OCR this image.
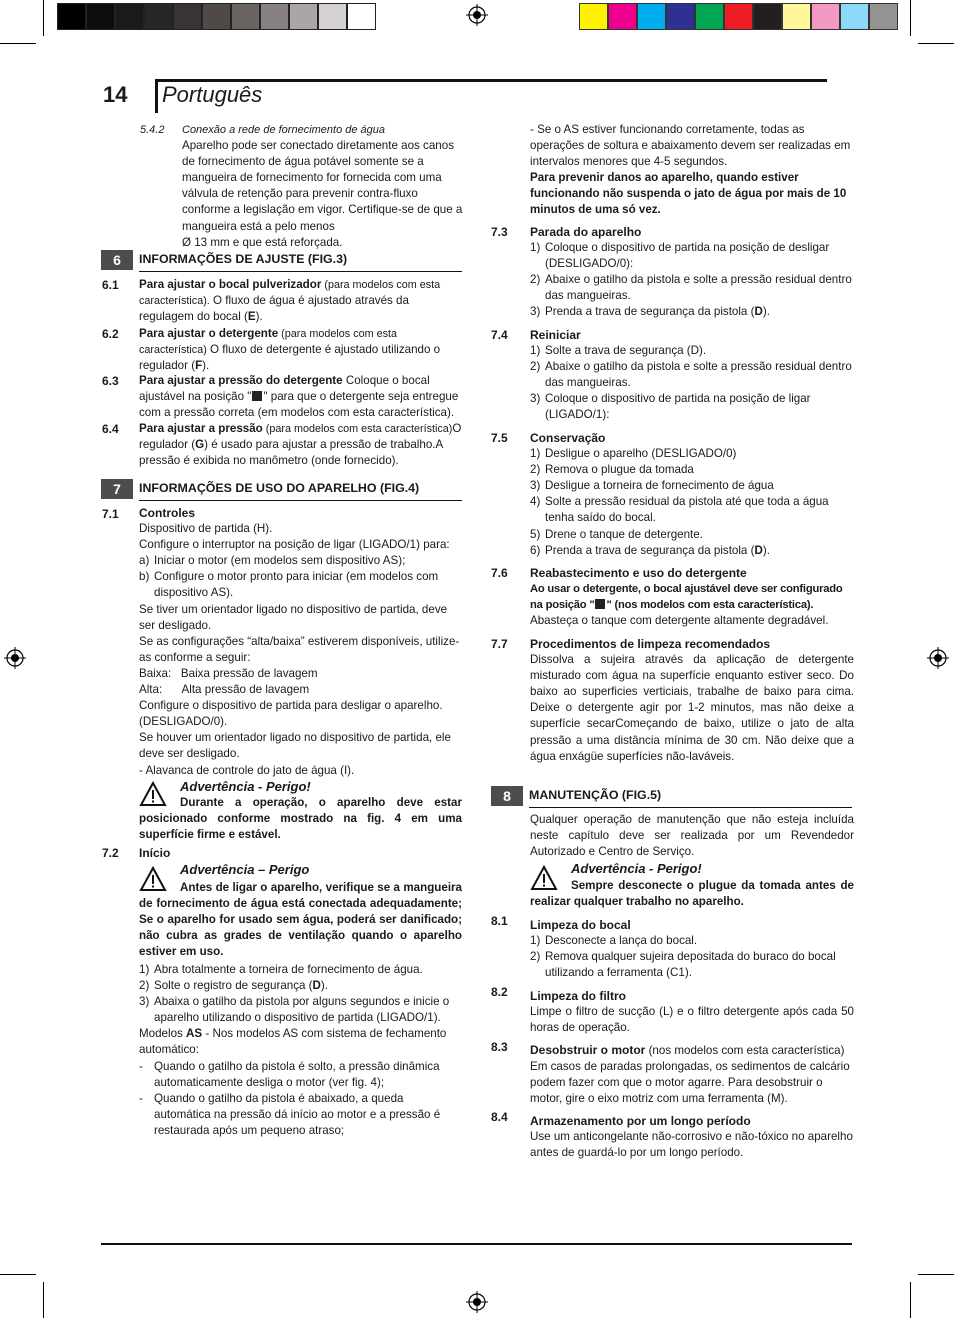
14 Português
5.4.2 Conexão a rede de fornecimento de água

Aparelho pode ser conectado diretamente aos canos de fornecimento de água potável somente se a mangueira de fornecimento for fornecida com uma válvula de retenção para prevenir contra-fluxo conforme a legislação em vigor. Certifique-se de que a mangueira está a pelo menos

Ø 13 mm e que está reforçada.

6	INFORMAÇÕES DE AJUSTE (FIG.3)
6.1 Para ajustar o bocal pulverizador (para modelos com esta característica). O fluxo de água é ajustado através da regulagem do bocal (E).

6.2 Para ajustar o detergente (para modelos com esta característica) O fluxo de detergente é ajustado utilizando o regulador (F).

6.3 Para ajustar a pressão do detergente Coloque o bocal ajustável na posição " " para que o detergente seja entregue com a pressão correta (em modelos com esta característica).

6.4 Para ajustar a pressão (para modelos com esta característica)O regulador (G) é usado para ajustar a pressão de trabalho.A pressão é exibida no manômetro (onde fornecido).

7	INFORMAÇÕES DE USO DO APARELHO (FIG.4)
7.1 Controles

Dispositivo de partida (H).

Configure o interruptor na posição de ligar (LIGADO/1) para:

a) Iniciar o motor (em modelos sem dispositivo AS);
b) Configure o motor pronto para iniciar (em modelos com dispositivo AS).

Se tiver um orientador ligado no dispositivo de partida, deve ser desligado.

Se as configurações “alta/baixa” estiverem disponíveis, utilize-as conforme a seguir:

Baixa: Baixa pressão de lavagem

Alta: Alta pressão de lavagem

Configure o dispositivo de partida para desligar o aparelho. (DESLIGADO/0).

Se houver um orientador ligado no dispositivo de partida, ele deve ser desligado.

- Alavanca de controle do jato de água (I).

Advertência - Perigo!
Durante a operação, o aparelho deve estar posicionado conforme mostrado na fig. 4 em uma superfície firme e estável.
7.2 Início
Advertência – Perigo
Antes de ligar o aparelho, verifique se a mangueira de fornecimento de água está conectada adequadamente; Se o aparelho for usado sem água, poderá ser danificado; não cubra as grades de ventilação quando o aparelho estiver em uso.
1) Abra totalmente a torneira de fornecimento de água.
2) Solte o registro de segurança (D).
3) Abaixa o gatilho da pistola por alguns segundos e inicie o aparelho utilizando o dispositivo de partida (LIGADO/1).

Modelos AS - Nos modelos AS com sistema de fechamento automático:

- Quando o gatilho da pistola é solto, a pressão dinâmica automaticamente desliga o motor (ver fig. 4);
- Quando o gatilho da pistola é abaixado, a queda automática na pressão dá início ao motor e a pressão é restaurada após um pequeno atraso;

- Se o AS estiver funcionando corretamente, todas as operações de soltura e abaixamento devem ser realizadas em intervalos menores que 4-5 segundos.

Para prevenir danos ao aparelho, quando estiver funcionando não suspenda o jato de água por mais de 10 minutos de uma só vez.

7.3 Parada do aparelho

1) Coloque o dispositivo de partida na posição de desligar (DESLIGADO/0):
2) Abaixe o gatilho da pistola e solte a pressão residual dentro das mangueiras.
3) Prenda a trava de segurança da pistola (D).
7.4 Reiniciar

1) Solte a trava de segurança (D).
2) Abaixe o gatilho da pistola e solte a pressão residual dentro das mangueiras.
3) Coloque o dispositivo de partida na posição de ligar (LIGADO/1):
7.5 Conservação

1) Desligue o aparelho (DESLIGADO/0)
2) Remova o plugue da tomada
3) Desligue a torneira de fornecimento de água
4) Solte a pressão residual da pistola até que toda a água tenha saído do bocal.
5) Drene o tanque de detergente.
6) Prenda a trava de segurança da pistola (D).
7.6 Reabastecimento e uso do detergente

Ao usar o detergente, o bocal ajustável deve ser configurado na posição " " (nos modelos com esta característica).

Abasteça o tanque com detergente altamente degradável.

7.7 Procedimentos de limpeza recomendados

Dissolva a sujeira através da aplicação de detergente misturado com água na superfície enquanto estiver seco. Do baixo ao superficies verticiais, trabalhe de baixo para cima. Deixe o detergente agir por 1-2 minutos, mas não deixe a superfície secarComeçando de baixo, utilize o jato de alta pressão a uma distância mínima de 30 cm. Não deixe que a água enxágüe superfícies não-laváveis.

8	MANUTENÇÃO (FIG.5)
Qualquer operação de manutenção que não esteja incluída neste capítulo deve ser realizada por um Revendedor Autorizado e Centro de Serviço.
Advertência - Perigo!
Sempre desconecte o plugue da tomada antes de realizar qualquer trabalho no aparelho.
8.1 Limpeza do bocal

1) Desconecte a lança do bocal.
2) Remova qualquer sujeira depositada do buraco do bocal utilizando a ferramenta (C1).
8.2 Limpeza do filtro

Limpe o filtro de sucção (L) e o filtro detergente após cada 50 horas de operação.

8.3 Desobstruir o motor (nos modelos com esta característica) Em casos de paradas prolongadas, os sedimentos de calcário podem fazer com que o motor agarre. Para desobstruir o motor, gire o eixo motriz com uma ferramenta (M).

8.4 Armazenamento por um longo período

Use um anticongelante não-corrosivo e não-tóxico no aparelho antes de guardá-lo por um longo período.
